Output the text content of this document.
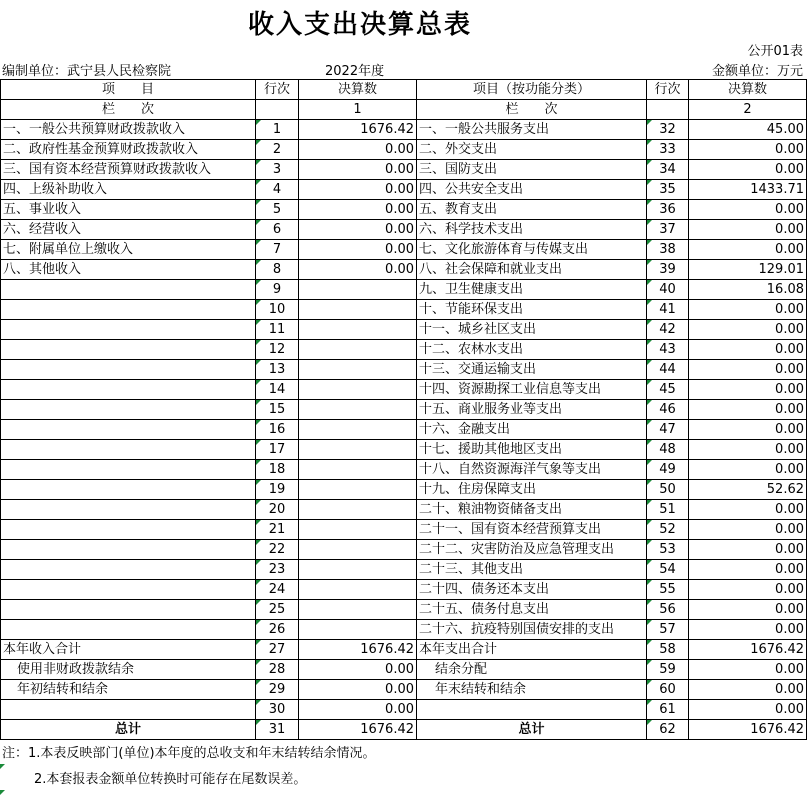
收入支出决算总表
公开01表
编制单位：武宁县人民检察院	2022年度	金额单位：万元
项　　目	行次	决算数	项目（按功能分类）	行次	决算数
栏　　次		1	栏　　次		2
一、一般公共预算财政拨款收入	1	1676.42	一、一般公共服务支出	32	45.00
二、政府性基金预算财政拨款收入	2	0.00	二、外交支出	33	0.00
三、国有资本经营预算财政拨款收入	3	0.00	三、国防支出	34	0.00
四、上级补助收入	4	0.00	四、公共安全支出	35	1433.71
五、事业收入	5	0.00	五、教育支出	36	0.00
六、经营收入	6	0.00	六、科学技术支出	37	0.00
七、附属单位上缴收入	7	0.00	七、文化旅游体育与传媒支出	38	0.00
八、其他收入	8	0.00	八、社会保障和就业支出	39	129.01
	9		九、卫生健康支出	40	16.08
	10		十、节能环保支出	41	0.00
	11		十一、城乡社区支出	42	0.00
	12		十二、农林水支出	43	0.00
	13		十三、交通运输支出	44	0.00
	14		十四、资源勘探工业信息等支出	45	0.00
	15		十五、商业服务业等支出	46	0.00
	16		十六、金融支出	47	0.00
	17		十七、援助其他地区支出	48	0.00
	18		十八、自然资源海洋气象等支出	49	0.00
	19		十九、住房保障支出	50	52.62
	20		二十、粮油物资储备支出	51	0.00
	21		二十一、国有资本经营预算支出	52	0.00
	22		二十二、灾害防治及应急管理支出	53	0.00
	23		二十三、其他支出	54	0.00
	24		二十四、债务还本支出	55	0.00
	25		二十五、债务付息支出	56	0.00
	26		二十六、抗疫特别国债安排的支出	57	0.00
本年收入合计	27	1676.42	本年支出合计	58	1676.42
使用非财政拨款结余	28	0.00	结余分配	59	0.00
年初结转和结余	29	0.00	年末结转和结余	60	0.00
	30	0.00		61	0.00
总计	31	1676.42	总计	62	1676.42
注：1.本表反映部门(单位)本年度的总收支和年末结转结余情况。
2.本套报表金额单位转换时可能存在尾数误差。
